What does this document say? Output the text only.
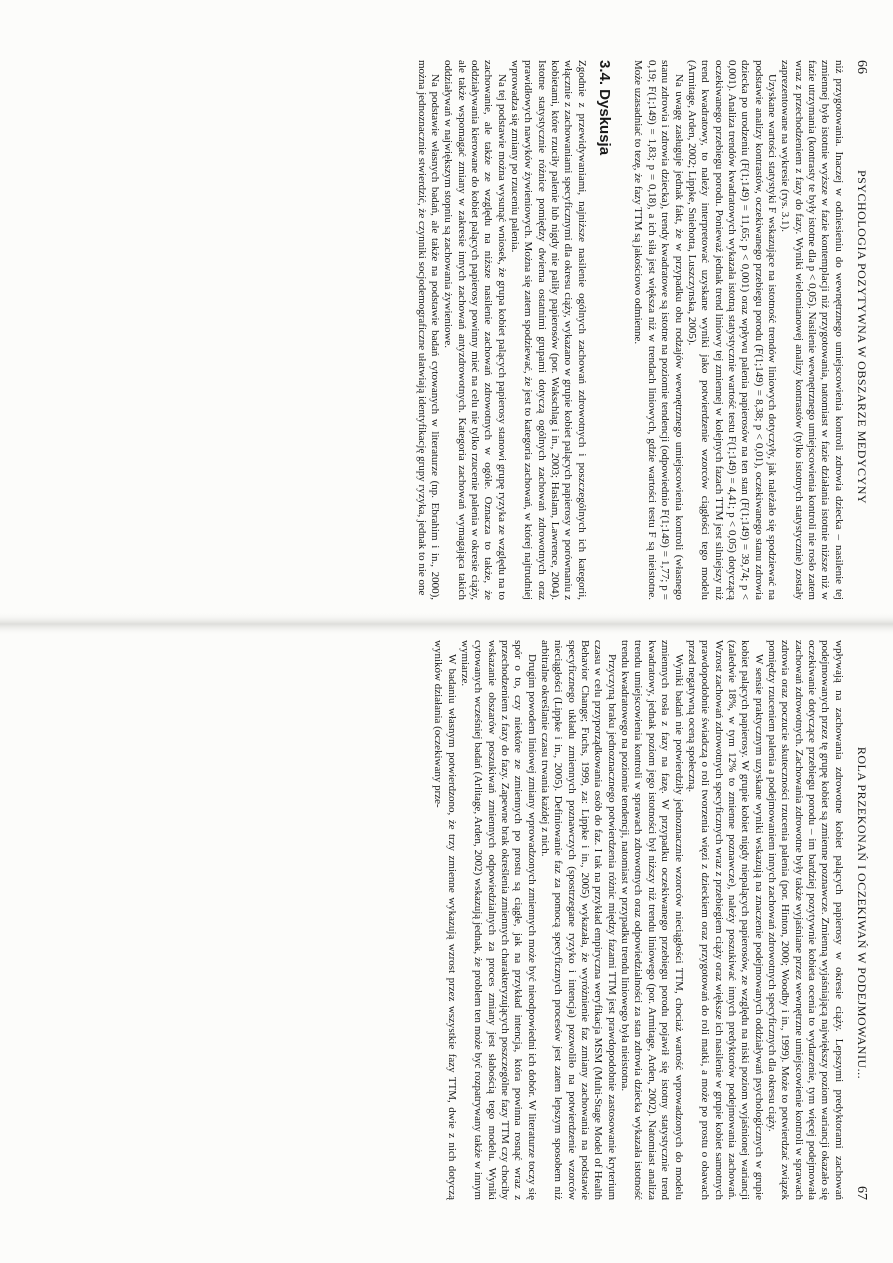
66
PSYCHOLOGIA POZYTYWNA W OBSZARZE MEDYCYNY

niż przygotowania. Inaczej w odniesieniu do wewnętrznego umiejscowienia kontroli zdrowia dziecka – nasilenie tej zmiennej było istotnie wyższe w fazie kontemplacji niż przygotowania, natomiast w fazie działania istotnie niższe niż w fazie utrzymania (kontrasty te były istotne dla p < 0,05). Nasilenie wewnętrznego umiejscowienia kontroli nie rosło zatem wraz z przechodzeniem z fazy do fazy. Wyniki wielomianowej analizy kontrastów (tylko istotnych statystycznie) zostały zaprezentowane na wykresie (rys. 3.1).

Uzyskane wartości statystyki F wskazujące na istotność trendów liniowych dotyczyły, jak należało się spodziewać na podstawie analizy kontrastów, oczekiwanego przebiegu porodu (F(1;149) = 8,38; p < 0,01), oczekiwanego stanu zdrowia dziecka po urodzeniu (F(1;149) = 11,65; p < 0,001) oraz wpływu palenia papierosów na ten stan (F(1;149) = 39,74; p < 0,001). Analiza trendów kwadratowych wykazała istotną statystycznie wartość testu F(1;149) = 4,41; p < 0,05) dotyczącą oczekiwanego przebiegu porodu. Ponieważ jednak trend liniowy tej zmiennej w kolejnych fazach TTM jest silniejszy niż trend kwadratowy, to należy interpretować uzyskane wyniki jako potwierdzenie wzorców ciągłości tego modelu (Armitage, Arden, 2002; Lippke, Sniehotta, Luszczynska, 2005).

Na uwagę zasługuje jednak fakt, że w przypadku obu rodzajów wewnętrznego umiejscowienia kontroli (własnego stanu zdrowia i zdrowia dziecka), trendy kwadratowe są istotne na poziomie tendencji (odpowiednio F(1;149) = 1,77; p = 0,19; F(1;149) = 1,83; p = 0,18), a ich siła jest większa niż w trendach liniowych, gdzie wartości testu F są nieistotne. Może uzasadniać to tezę, że fazy TTM są jakościowo odmienne.

3.4. Dyskusja

Zgodnie z przewidywaniami, najniższe nasilenie ogólnych zachowań zdrowotnych i poszczególnych ich kategorii, włącznie z zachowaniami specyficznymi dla okresu ciąży, wykazano w grupie kobiet palących papierosy w porównaniu z kobietami, które rzuciły palenie lub nigdy nie paliły papierosów (por. Wakschlag i in., 2003; Haslam, Lawrence, 2004). Istotne statystycznie różnice pomiędzy dwiema ostatnimi grupami dotyczą ogólnych zachowań zdrowotnych oraz prawidłowych nawyków żywieniowych. Można się zatem spodziewać, że jest to kategoria zachowań, w której najtrudniej wprowadza się zmiany po rzuceniu palenia.

Na tej podstawie można wysunąć wniosek, że grupa kobiet palących papierosy stanowi grupę ryzyka ze względu na to zachowanie, ale także ze względu na niższe nasilenie zachowań zdrowotnych w ogóle. Oznacza to także, że oddziaływania kierowane do kobiet palących papierosy powinny mieć na celu nie tylko rzucenie palenia w okresie ciąży, ale także wspomagać zmiany w zakresie innych zachowań antyzdrowotnych. Kategoria zachowań wymagająca takich oddziaływań w największym stopniu są zachowania żywieniowe.

Na podstawie własnych badań, ale także na podstawie badań cytowanych w literaturze (np. Ebrahim i in., 2000), można jednoznacznie stwierdzić, że czynniki socjodemograficzne ułatwiają identyfikację grupy ryzyka, jednak to nie one

ROLA PRZEKONAŃ I OCZEKIWAŃ W PODEJMOWANIU...
67

wpływają na zachowania zdrowotne kobiet palących papierosy w okresie ciąży. Lepszymi predyktorami zachowań podejmowanych przez tę grupę kobiet są zmienne poznawcze. Zmienną wyjaśniającą największy poziom wariancji okazało się oczekiwanie dotyczące przebiegu porodu – im bardziej pozytywnie kobieta ocenia to wydarzenie, tym więcej podejmowała zachowań zdrowotnych. Zachowania zdrowotne były także wyjaśniane przez wewnętrzne umiejscowienie kontroli w sprawach zdrowia oraz poczucie skuteczności rzucenia palenia (por. Hinton, 2000; Woodby i in., 1999). Może to potwierdzać związek pomiędzy rzuceniem palenia a podejmowaniem innych zachowań zdrowotnych specyficznych dla okresu ciąży.

W sensie praktycznym uzyskane wyniki wskazują na znaczenie podejmowanych oddziaływań psychologicznych w grupie kobiet palących papierosy. W grupie kobiet nigdy niepalących papierosów, ze względu na niski poziom wyjaśnionej wariancji (zaledwie 18%, w tym 12% to zmienne poznawcze), należy poszukiwać innych predyktorów podejmowania zachowań. Wzrost zachowań zdrowotnych specyficznych wraz z przebiegiem ciąży oraz większe ich nasilenie w grupie kobiet samotnych prawdopodobnie świadczą o roli tworzenia więzi z dzieckiem oraz przygotowań do roli matki, a może po prostu o obawach przed negatywną oceną społeczną.

Wyniki badań nie potwierdziły jednoznacznie wzorców nieciągłości TTM, chociaż wartość wprowadzonych do modelu zmiennych rosła z fazy na fazę. W przypadku oczekiwanego przebiegu porodu pojawił się istotny statystycznie trend kwadratowy, jednak poziom jego istotności był niższy niż trendu liniowego (por. Armitage, Arden, 2002). Natomiast analiza trendu umiejscowienia kontroli w sprawach zdrowotnych oraz odpowiedzialności za stan zdrowia dziecka wykazała istotność trendu kwadratowego na poziomie tendencji, natomiast w przypadku trendu liniowego była nieistotna.

Przyczyną braku jednoznacznego potwierdzenia różnic między fazami TTM jest prawdopodobnie zastosowanie kryterium czasu w celu przyporządkowania osób do faz. I tak na przykład empiryczna weryfikacja MSM (Multi-Stage Model of Health Behavior Change; Fuchs, 1999, za: Lippke i in., 2005) wykazała, że wyróżnienie faz zmiany zachowania na podstawie specyficznego układu zmiennych poznawczych (spostrzegane ryzyko i intencja) pozwoliło na potwierdzenie wzorców nieciągłości (Lippke i in., 2005). Definiowanie faz za pomocą specyficznych procesów jest zatem lepszym sposobem niż arbitralne określanie czasu trwania każdej z nich.

Drugim powodem liniowej zmiany wprowadzonych zmiennych może być nieodpowiedni ich dobór. W literaturze toczy się spór o to, czy niektóre ze zmiennych po prostu są ciągłe, jak na przykład intencja, która powinna rosnąć wraz z przechodzeniem z fazy do fazy. Zapewne brak określenia zmiennych charakteryzujących poszczególne fazy TTM czy chociby wskazanie obszarów poszukiwań zmiennych odpowiedzialnych za proces zmiany jest słabością tego modelu. Wyniki cytowanych wcześniej badań (Arlitage, Arden, 2002) wskazują jednak, że problem ten może być rozpatrywany także w innym wymiarze.

W badaniu własnym potwierdzono, że trzy zmienne wykazują wzrost przez wszystkie fazy TTM, dwie z nich dotyczą wyników działania (oczekiwany prze-
